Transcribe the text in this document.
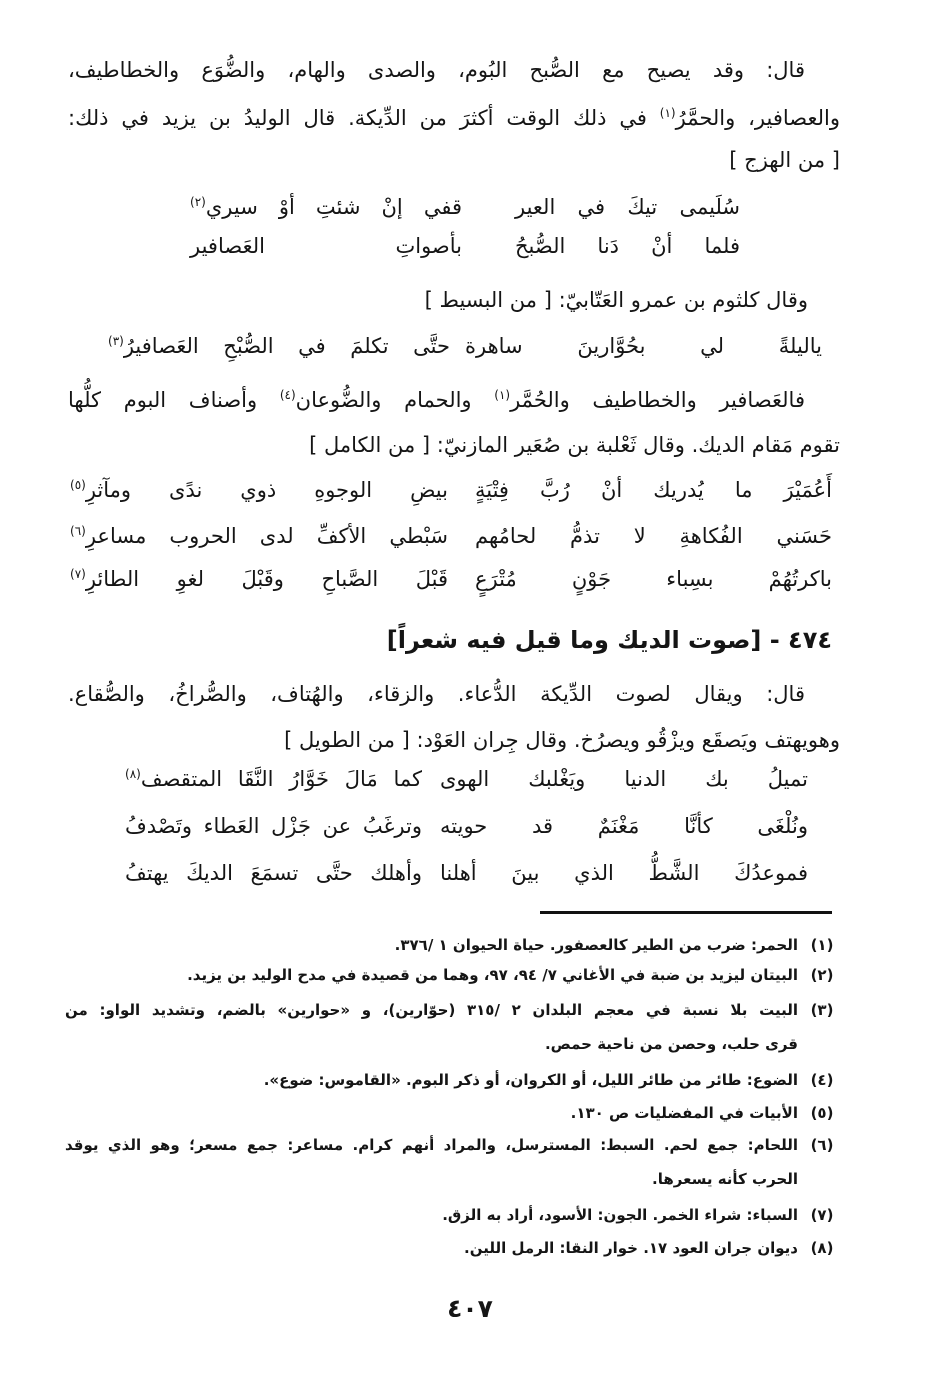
قال: وقد يصيح مع الصُّبح البُوم، والصدى والهام، والضُّوَع والخطاطيف،
والعصافير، والحمَّرُ$^{(١)}$ في ذلك الوقت أكثرَ من الدِّيكة. قال الوليدُ بن يزيد في ذلك:
[ من الهزج ]
سُلَيمى تيكَ في العير
قفي إنْ شئتِ أوْ سيري$^{(٢)}$
فلما أنْ دَنا الصُّبحُ
بأصواتِ العَصافير
وقال كلثوم بن عمرو العَتّابيّ: [ من البسيط ]
ياليلةً لي بحُوَّارينَ ساهرة
حتَّى تكلمَ في الصُّبْحِ العَصافيرُ$^{(٣)}$
فالعَصافير والخطاطيف والحُمَّر$^{(١)}$ والحمام والضُّوعان$^{(٤)}$ وأصناف البوم كلُّها
تقوم مَقام الديك. وقال ثَعْلبة بن صُعَير المازنيّ: [ من الكامل ]
أَعُمَيْرَ ما يُدريك أنْ رُبَّ فِتْيَةٍ
بيضِ الوجوهِ ذوي ندًى ومآثرِ$^{(٥)}$
حَسَني الفُكاهةِ لا تذمُّ لحامُهم
سَبْطي الأكفِّ لدى الحروب مساعرِ$^{(٦)}$
باكرتُهُمْ بسِباء جَوْنٍ مُتْرَعٍ
قَبْلَ الصَّباحِ وقَبْلَ لغوِ الطائرِ$^{(٧)}$
٤٧٤ - [صوت الديك وما قيل فيه شعراً]
قال: ويقال لصوت الدِّيكة الدُّعاء. والزقاء، والهُتاف، والصُّراخُ، والصُّقاع.
وهويهتف ويَصقَع ويزْقُو ويصرُخ. وقال جِران العَوْد: [ من الطويل ]
تميلُ بك الدنيا ويَغْلبك الهوى
كما مَالَ خَوَّارُ النَّقَا المتقصف$^{(٨)}$
ونُلْغَى كأنَّا مَغْنَمٌ قد حويته
وترغَبُ عن جَزْل العَطاء وتَصْدفُ
فموعدُكَ الشَّطُّ الذي بينَ أهلنا
وأهلك حتَّى تسمَعَ الديكَ يهتفُ
(١)
الحمر: ضرب من الطير كالعصفور. حياة الحيوان ١ /٣٧٦.
(٢)
البيتان ليزيد بن ضبة في الأغاني ٧/ ٩٤، ٩٧، وهما من قصيدة في مدح الوليد بن يزيد.
(٣)
البيت بلا نسبة في معجم البلدان ٢ /٣١٥ (حوّارين)، و «حوارين» بالضم، وتشديد الواو: من
قرى حلب، وحصن من ناحية حمص.
(٤)
الضوع: طائر من طائر الليل، أو الكروان، أو ذكر البوم. «القاموس: ضوع».
(٥)
الأبيات في المفضليات ص ١٣٠.
(٦)
اللحام: جمع لحم. السبط: المسترسل، والمراد أنهم كرام. مساعر: جمع مسعر؛ وهو الذي يوقد
الحرب كأنه يسعرها.
(٧)
السباء: شراء الخمر. الجون: الأسود، أراد به الزق.
(٨)
ديوان جران العود ١٧. خوار النقا: الرمل اللين.
٤٠٧
